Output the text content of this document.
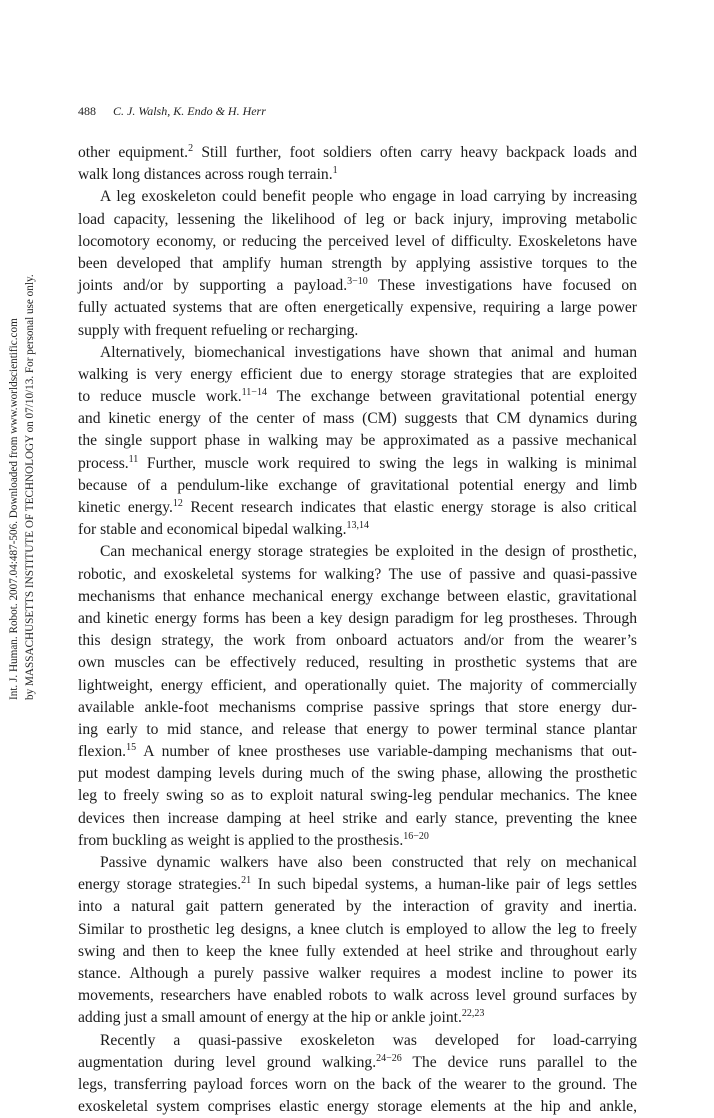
Int. J. Human. Robot. 2007.04:487-506. Downloaded from www.worldscientific.com by MASSACHUSETTS INSTITUTE OF TECHNOLOGY on 07/10/13. For personal use only.
488 C. J. Walsh, K. Endo & H. Herr
other equipment.$^2$ Still further, foot soldiers often carry heavy backpack loads and
walk long distances across rough terrain.$^1$
A leg exoskeleton could benefit people who engage in load carrying by increasing
load capacity, lessening the likelihood of leg or back injury, improving metabolic
locomotory economy, or reducing the perceived level of difficulty. Exoskeletons have
been developed that amplify human strength by applying assistive torques to the
joints and/or by supporting a payload.$^{3-10}$ These investigations have focused on
fully actuated systems that are often energetically expensive, requiring a large power
supply with frequent refueling or recharging.
Alternatively, biomechanical investigations have shown that animal and human
walking is very energy efficient due to energy storage strategies that are exploited
to reduce muscle work.$^{11-14}$ The exchange between gravitational potential energy
and kinetic energy of the center of mass (CM) suggests that CM dynamics during
the single support phase in walking may be approximated as a passive mechanical
process.$^{11}$ Further, muscle work required to swing the legs in walking is minimal
because of a pendulum-like exchange of gravitational potential energy and limb
kinetic energy.$^{12}$ Recent research indicates that elastic energy storage is also critical
for stable and economical bipedal walking.$^{13,14}$
Can mechanical energy storage strategies be exploited in the design of prosthetic,
robotic, and exoskeletal systems for walking? The use of passive and quasi-passive
mechanisms that enhance mechanical energy exchange between elastic, gravitational
and kinetic energy forms has been a key design paradigm for leg prostheses. Through
this design strategy, the work from onboard actuators and/or from the wearer’s
own muscles can be effectively reduced, resulting in prosthetic systems that are
lightweight, energy efficient, and operationally quiet. The majority of commercially
available ankle-foot mechanisms comprise passive springs that store energy dur-
ing early to mid stance, and release that energy to power terminal stance plantar
flexion.$^{15}$ A number of knee prostheses use variable-damping mechanisms that out-
put modest damping levels during much of the swing phase, allowing the prosthetic
leg to freely swing so as to exploit natural swing-leg pendular mechanics. The knee
devices then increase damping at heel strike and early stance, preventing the knee
from buckling as weight is applied to the prosthesis.$^{16-20}$
Passive dynamic walkers have also been constructed that rely on mechanical
energy storage strategies.$^{21}$ In such bipedal systems, a human-like pair of legs settles
into a natural gait pattern generated by the interaction of gravity and inertia.
Similar to prosthetic leg designs, a knee clutch is employed to allow the leg to freely
swing and then to keep the knee fully extended at heel strike and throughout early
stance. Although a purely passive walker requires a modest incline to power its
movements, researchers have enabled robots to walk across level ground surfaces by
adding just a small amount of energy at the hip or ankle joint.$^{22,23}$
Recently a quasi-passive exoskeleton was developed for load-carrying
augmentation during level ground walking.$^{24-26}$ The device runs parallel to the
legs, transferring payload forces worn on the back of the wearer to the ground. The
exoskeletal system comprises elastic energy storage elements at the hip and ankle,
